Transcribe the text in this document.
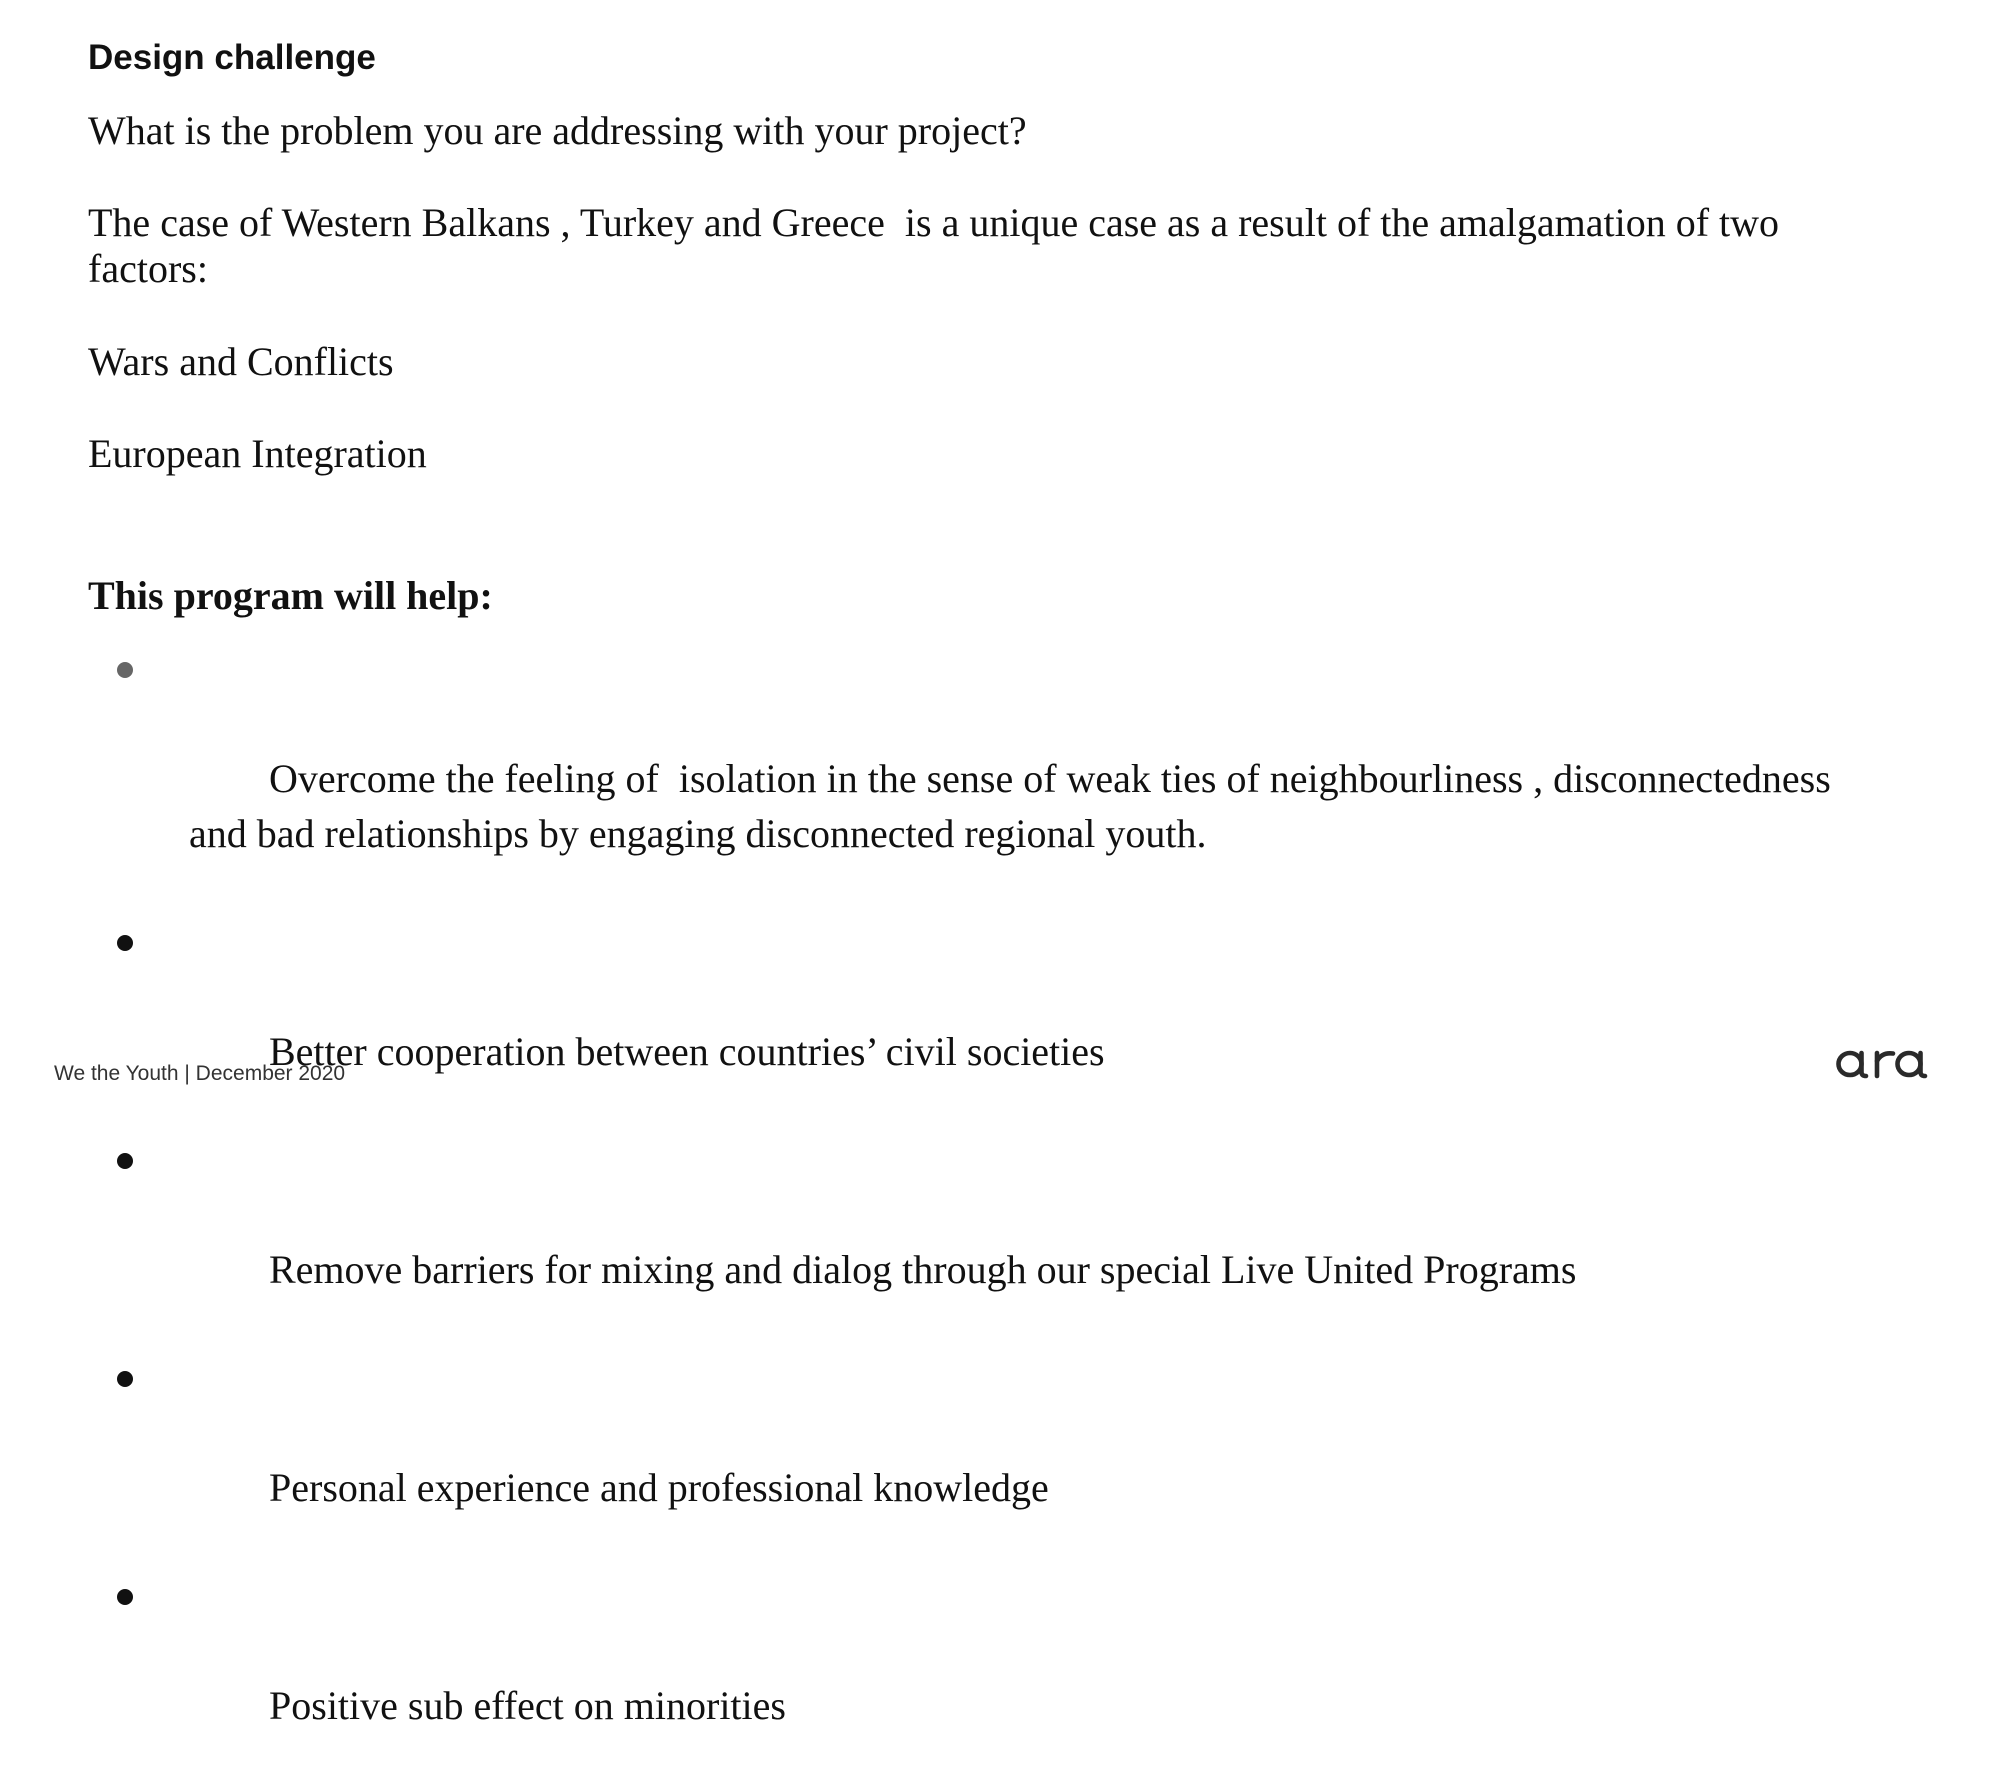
Design challenge

What is the problem you are addressing with your project?

The case of Western Balkans , Turkey and Greece  is a unique case as a result of the amalgamation of two factors:

Wars and Conflicts

European Integration

This program will help:

Overcome the feeling of  isolation in the sense of weak ties of neighbourliness , disconnectedness and bad relationships by engaging disconnected regional youth.

Better cooperation between countries’ civil societies

Remove barriers for mixing and dialog through our special Live United Programs

Personal experience and professional knowledge

Positive sub effect on minorities

We the Youth | December 2020
